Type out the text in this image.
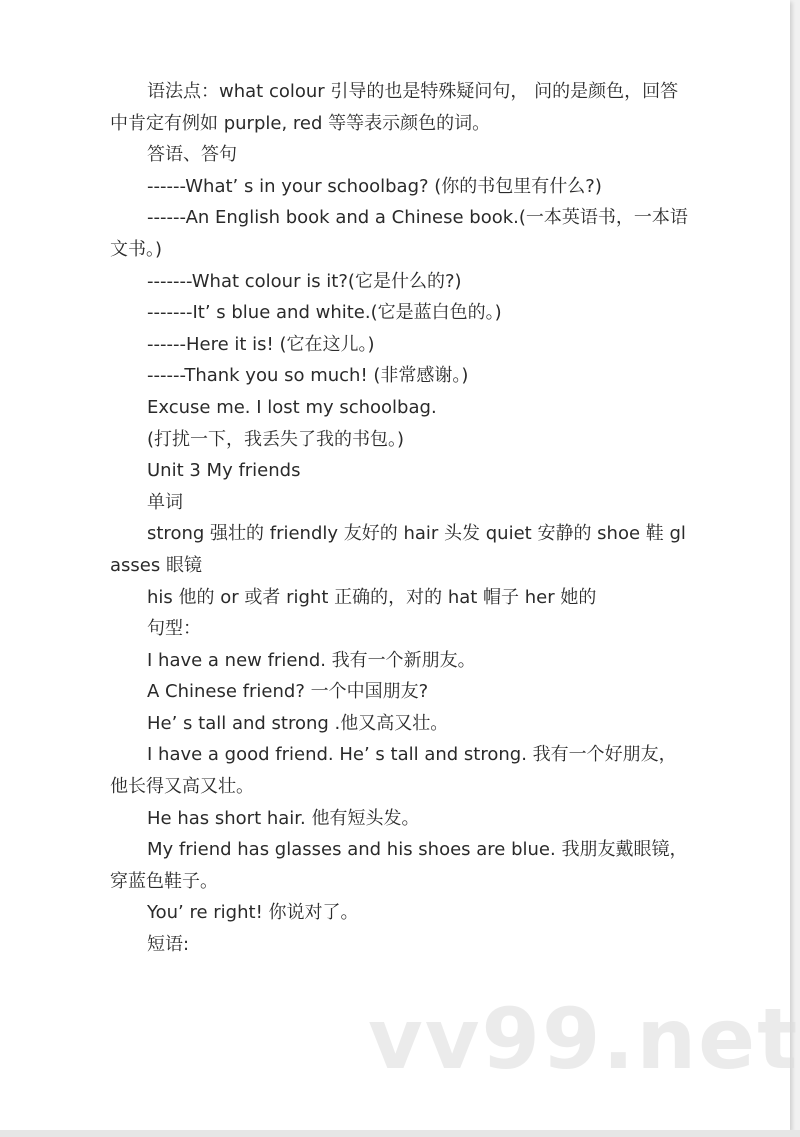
语法点：what colour 引导的也是特殊疑问句， 问的是颜色，回答中肯定有例如 purple, red 等等表示颜色的词。

答语、答句

------What’ s in your schoolbag? (你的书包里有什么?)

------An English book and a Chinese book.(一本英语书，一本语文书。)

-------What colour is it?(它是什么的?)

-------It’ s blue and white.(它是蓝白色的。)

------Here it is! (它在这儿。)

------Thank you so much! (非常感谢。)

Excuse me. I lost my schoolbag.

(打扰一下，我丢失了我的书包。)

Unit 3 My friends

单词

strong 强壮的 friendly 友好的 hair 头发 quiet 安静的 shoe 鞋 glasses 眼镜

his 他的 or 或者 right 正确的，对的 hat 帽子 her 她的

句型：

I have a new friend. 我有一个新朋友。

A Chinese friend? 一个中国朋友?

He’ s tall and strong .他又高又壮。

I have a good friend. He’ s tall and strong. 我有一个好朋友，他长得又高又壮。

He has short hair. 他有短头发。

My friend has glasses and his shoes are blue. 我朋友戴眼镜，穿蓝色鞋子。

You’ re right! 你说对了。

短语:

vv99.net
